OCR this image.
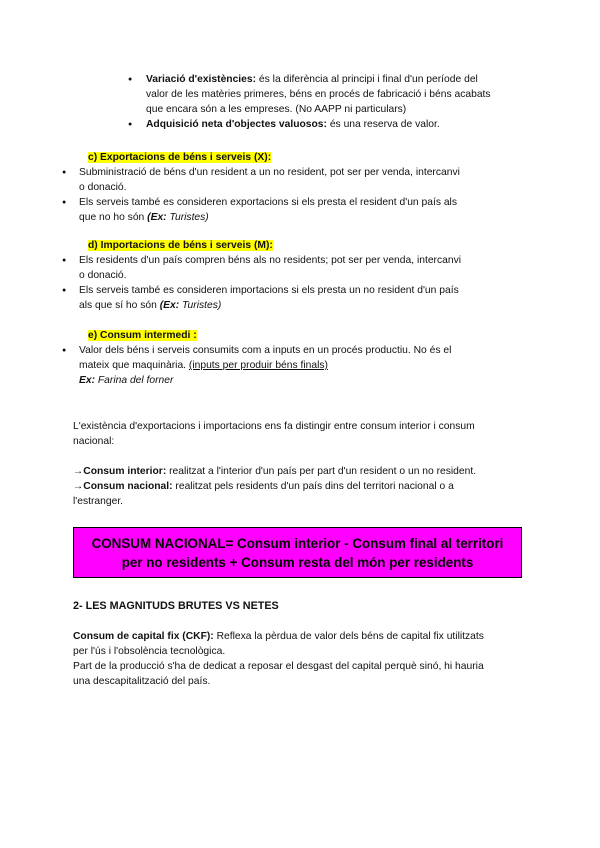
● Variació d'existències: és la diferència al principi i final d'un període del
valor de les matèries primeres, béns en procés de fabricació i béns acabats
que encara són a les empreses. (No AAPP ni particulars)
● Adquisició neta d'objectes valuosos: és una reserva de valor.
c) Exportacions de béns i serveis (X):
● Subministració de béns d'un resident a un no resident, pot ser per venda, intercanvi
o donació.
● Els serveis també es consideren exportacions si els presta el resident d'un país als
que no ho són (Ex: Turistes)
d) Importacions de béns i serveis (M):
● Els residents d'un país compren béns als no residents; pot ser per venda, intercanvi
o donació.
● Els serveis també es consideren importacions si els presta un no resident d'un país
als que sí ho són (Ex: Turistes)
e) Consum intermedi :
● Valor dels béns i serveis consumits com a inputs en un procés productiu. No és el
mateix que maquinària. (inputs per produir béns finals)
Ex: Farina del forner
L'existència d'exportacions i importacions ens fa distingir entre consum interior i consum
nacional:
→Consum interior: realitzat a l'interior d'un país per part d'un resident o un no resident.
→Consum nacional: realitzat pels residents d'un país dins del territori nacional o a
l'estranger.
CONSUM NACIONAL= Consum interior - Consum final al territori
per no residents + Consum resta del món per residents
2- LES MAGNITUDS BRUTES VS NETES
Consum de capital fix (CKF): Reflexa la pèrdua de valor dels béns de capital fix utilitzats
per l'ús i l'obsolència tecnològica.
Part de la producció s'ha de dedicat a reposar el desgast del capital perquè sinó, hi hauria
una descapitalització del país.
